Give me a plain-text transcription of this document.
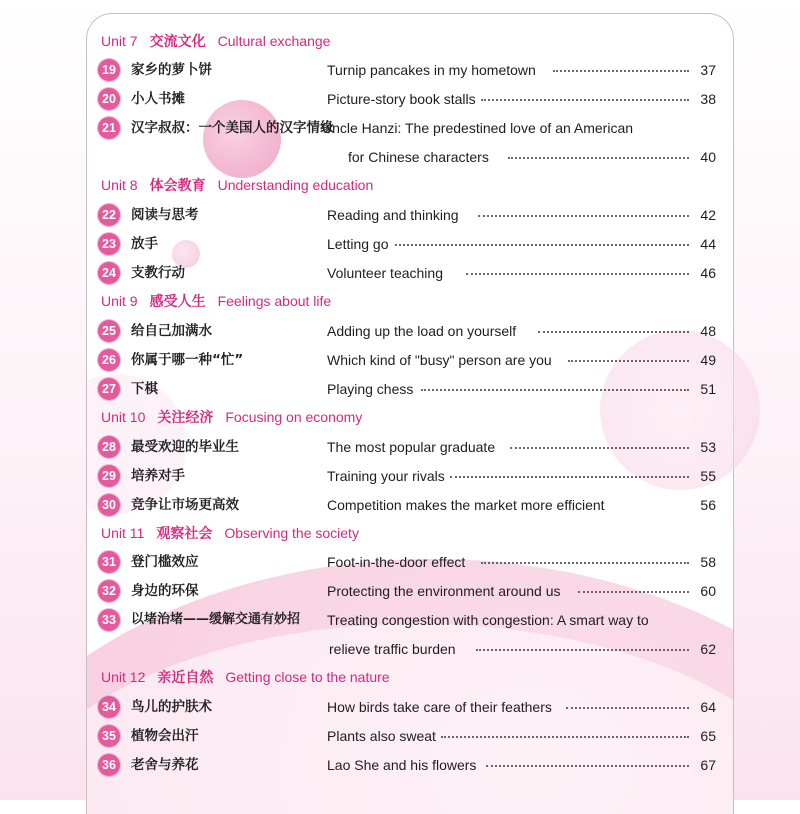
Unit 7 交流文化 Cultural exchange
19 家乡的萝卜饼	Turnip pancakes in my hometown	37
20 小人书摊	Picture-story book stalls	38
21 汉字叔叔：一个美国人的汉字情缘
Uncle Hanzi: The predestined love of an American
for Chinese characters	40
Unit 8 体会教育 Understanding education
22 阅读与思考	Reading and thinking	42
23 放手	Letting go	44
24 支教行动	Volunteer teaching	46
Unit 9 感受人生 Feelings about life
25 给自己加满水	Adding up the load on yourself	48
26 你属于哪一种“忙”	Which kind of "busy" person are you	49
27 下棋	Playing chess	51
Unit 10 关注经济 Focusing on economy
28 最受欢迎的毕业生	The most popular graduate	53
29 培养对手	Training your rivals	55
30 竞争让市场更高效	Competition makes the market more efficient	56
Unit 11 观察社会 Observing the society
31 登门槛效应	Foot-in-the-door effect	58
32 身边的环保	Protecting the environment around us	60
33	以堵治堵——缓解交通有妙招 Treating congestion with congestion: A smart way to
relieve traffic burden	62
Unit 12 亲近自然 Getting close to the nature
34 鸟儿的护肤术	How birds take care of their feathers	64
35 植物会出汗	Plants also sweat	65
36 老舍与养花	Lao She and his flowers	67
